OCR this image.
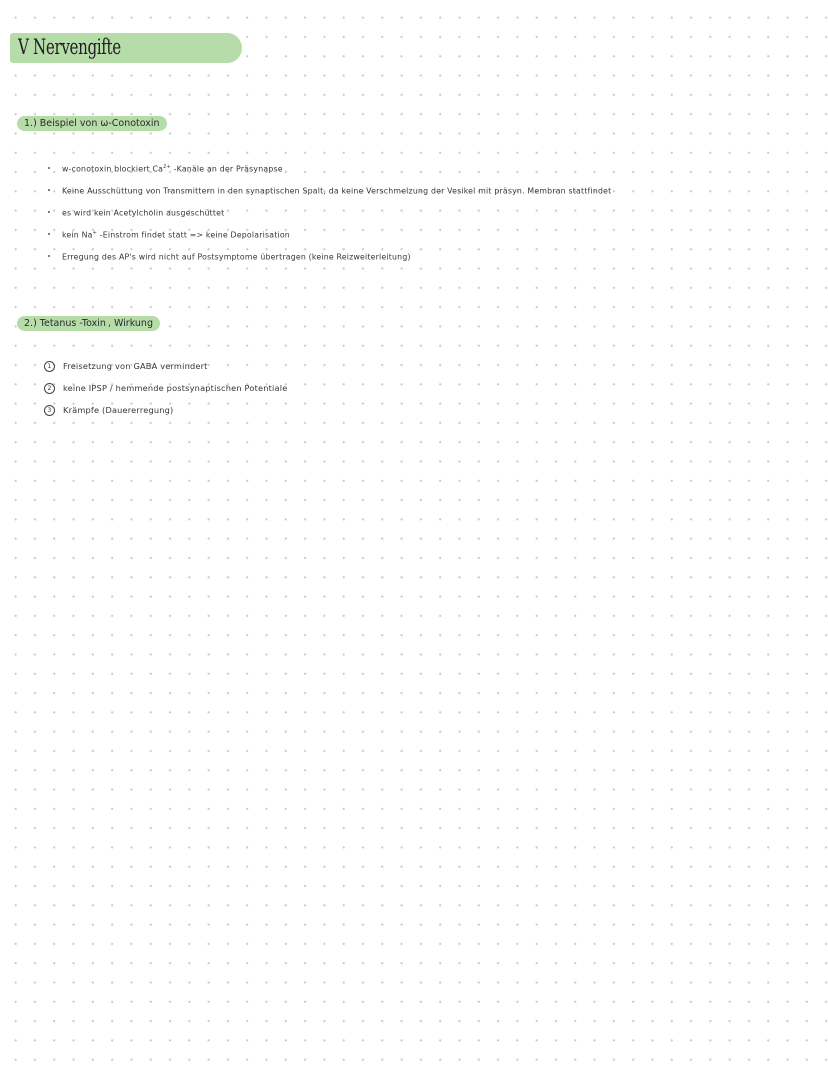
V Nervengifte
1.) Beispiel von ω-Conotoxin
w-conotoxin blockiert $Ca^{2+}$ -Kanäle an der Präsynapse
Keine Ausschüttung von Transmittern in den synaptischen Spalt, da keine Verschmelzung der Vesikel mit präsyn. Membran stattfindet
es wird kein Acetylcholin ausgeschüttet
kein Na+ -Einstrom findet statt => keine Depolarisation
Erregung des AP's wird nicht auf Postsymptome übertragen (keine Reizweiterleitung)
2.) Tetanus -Toxin , Wirkung
1 Freisetzung von GABA vermindert
2 keine IPSP / hemmende postsynaptischen Potentiale
3 Krämpfe (Dauererregung)
